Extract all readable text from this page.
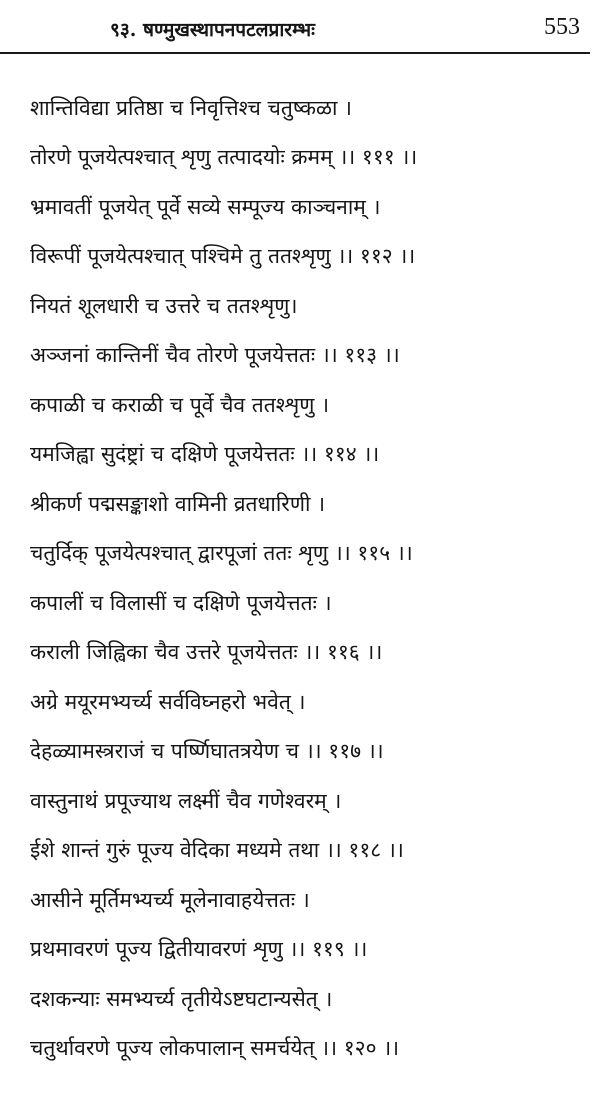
९३. षण्मुखस्थापनपटलप्रारम्भः	553
शान्तिविद्या प्रतिष्ठा च निवृत्तिश्च चतुष्कळा ।
तोरणे पूजयेत्पश्चात् शृणु तत्पादयोः क्रमम् ।। १११ ।।
भ्रमावतीं पूजयेत् पूर्वे सव्ये सम्पूज्य काञ्चनाम् ।
विरूपीं पूजयेत्पश्चात् पश्चिमे तु ततश्शृणु ।। ११२ ।।
नियतं शूलधारी च उत्तरे च ततश्शृणु।
अञ्जनां कान्तिनीं चैव तोरणे पूजयेत्ततः ।। ११३ ।।
कपाळी च कराळी च पूर्वे चैव ततश्शृणु ।
यमजिह्वा सुदंष्ट्रां च दक्षिणे पूजयेत्ततः ।। ११४ ।।
श्रीकर्ण पद्मसङ्काशो वामिनी व्रतधारिणी ।
चतुर्दिक् पूजयेत्पश्चात् द्वारपूजां ततः शृणु ।। ११५ ।।
कपालीं च विलासीं च दक्षिणे पूजयेत्ततः ।
कराली जिह्विका चैव उत्तरे पूजयेत्ततः ।। ११६ ।।
अग्रे मयूरमभ्यर्च्य सर्वविघ्नहरो भवेत् ।
देहळ्यामस्त्रराजं च पर्ष्णिघातत्रयेण च ।। ११७ ।।
वास्तुनाथं प्रपूज्याथ लक्ष्मीं चैव गणेश्वरम् ।
ईशे शान्तं गुरुं पूज्य वेदिका मध्यमे तथा ।। ११८ ।।
आसीने मूर्तिमभ्यर्च्य मूलेनावाहयेत्ततः ।
प्रथमावरणं पूज्य द्वितीयावरणं शृणु ।। ११९ ।।
दशकन्याः समभ्यर्च्य तृतीयेऽष्टघटान्यसेत् ।
चतुर्थावरणे पूज्य लोकपालान् समर्चयेत् ।। १२० ।।
